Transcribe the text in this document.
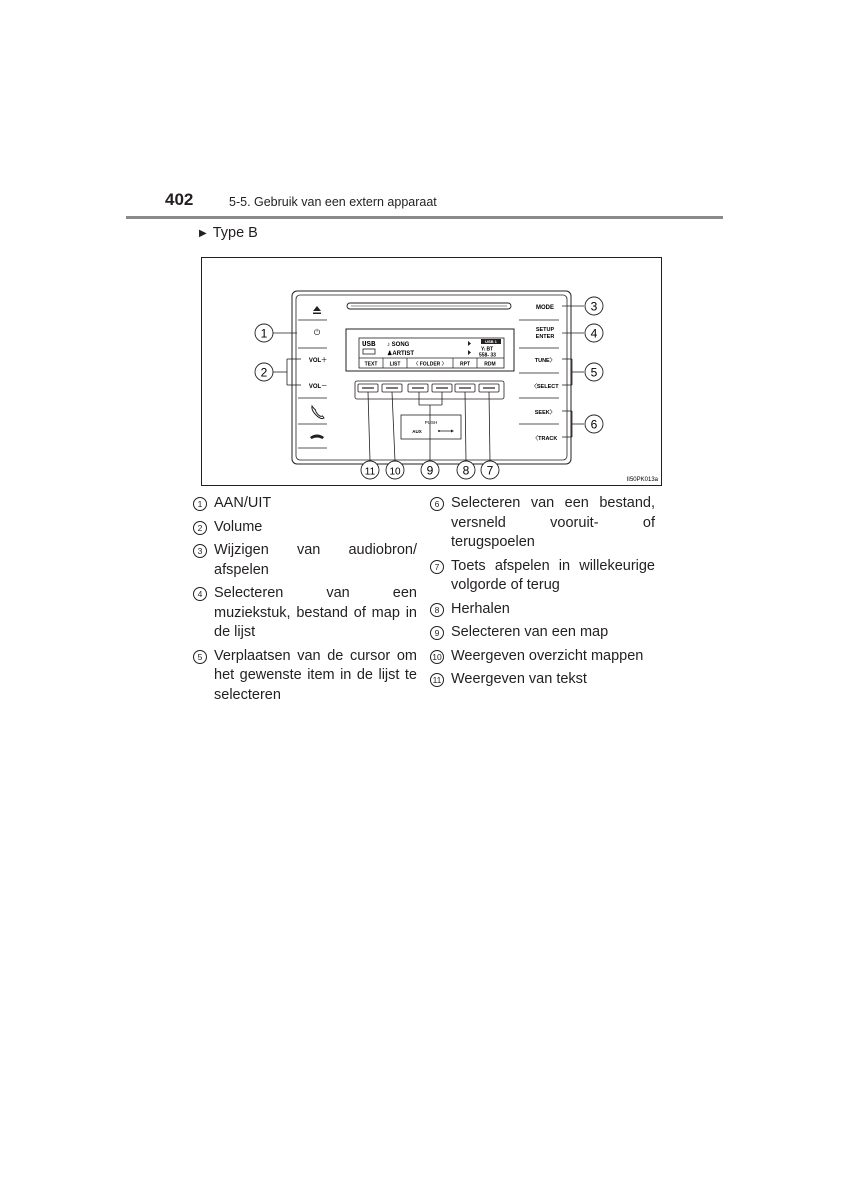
402	5-5. Gebruik van een extern apparaat
▶ Type B
⏻
VOL＋
VOL－
USB ♪ SONG
♟ARTIST
USB 1
Yₗ BT
558- 33
TEXT LIST	〈 FOLDER 〉	RPT	RDM
PUSH
AUX
MODE
SETUP
ENTER
TUNE〉
〈SELECT
SEEK〉
〈TRACK
1
2
3
4
5
6
11 10 9 8 7
II50PK013a
1 AAN/UIT
2 Volume
3 Wijzigen van audiobron/ afspelen
4 Selecteren van een muziekstuk, bestand of map in de lijst
5 Verplaatsen van de cursor om het gewenste item in de lijst te selecteren
6 Selecteren van een bestand, versneld vooruit- of terugspoelen
7 Toets afspelen in willekeurige volgorde of terug
8 Herhalen
9 Selecteren van een map
10 Weergeven overzicht mappen
11 Weergeven van tekst
